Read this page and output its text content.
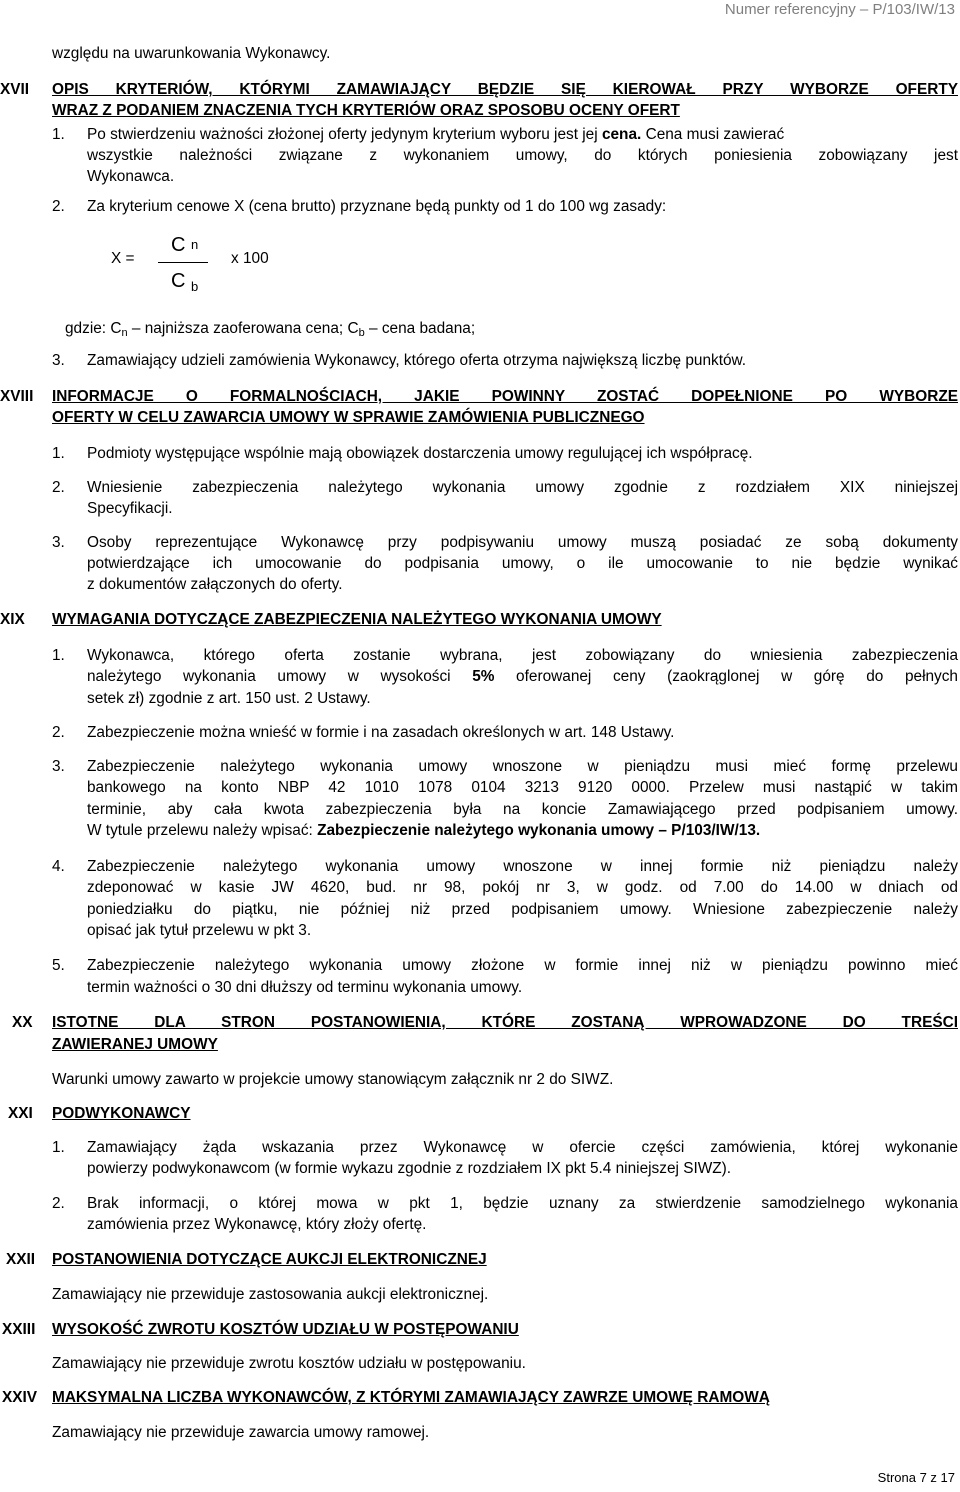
Numer referencyjny – P/103/IW/13
względu na uwarunkowania Wykonawcy.
XVII	OPIS KRYTERIÓW, KTÓRYMI ZAMAWIAJĄCY BĘDZIE SIĘ KIEROWAŁ PRZY WYBORZE OFERTY
WRAZ Z PODANIEM ZNACZENIA TYCH KRYTERIÓW ORAZ SPOSOBU OCENY OFERT
1. Po stwierdzeniu ważności złożonej oferty jedynym kryterium wyboru jest jej cena. Cena musi zawierać
wszystkie należności związane z wykonaniem umowy, do których poniesienia zobowiązany jest
Wykonawca.
2. Za kryterium cenowe X (cena brutto) przyznane będą punkty od 1 do 100 wg zasady:
X =
C $_n$
x 100
C $_b$
gdzie: $C_n$ – najniższa zaoferowana cena; $C_b$ – cena badana;
3. Zamawiający udzieli zamówienia Wykonawcy, którego oferta otrzyma największą liczbę punktów.
XVIII	INFORMACJE O FORMALNOŚCIACH, JAKIE POWINNY ZOSTAĆ DOPEŁNIONE PO WYBORZE
OFERTY W CELU ZAWARCIA UMOWY W SPRAWIE ZAMÓWIENIA PUBLICZNEGO
1. Podmioty występujące wspólnie mają obowiązek dostarczenia umowy regulującej ich współpracę.
2. Wniesienie zabezpieczenia należytego wykonania umowy zgodnie z rozdziałem XIX niniejszej
Specyfikacji.
3. Osoby reprezentujące Wykonawcę przy podpisywaniu umowy muszą posiadać ze sobą dokumenty
potwierdzające ich umocowanie do podpisania umowy, o ile umocowanie to nie będzie wynikać
z dokumentów załączonych do oferty.
XIX	WYMAGANIA DOTYCZĄCE ZABEZPIECZENIA NALEŻYTEGO WYKONANIA UMOWY
1. Wykonawca, którego oferta zostanie wybrana, jest zobowiązany do wniesienia zabezpieczenia
należytego wykonania umowy w wysokości 5% oferowanej ceny (zaokrąglonej w górę do pełnych
setek zł) zgodnie z art. 150 ust. 2 Ustawy.
2. Zabezpieczenie można wnieść w formie i na zasadach określonych w art. 148 Ustawy.
3. Zabezpieczenie należytego wykonania umowy wnoszone w pieniądzu musi mieć formę przelewu
bankowego na konto NBP 42 1010 1078 0104 3213 9120 0000. Przelew musi nastąpić w takim
terminie, aby cała kwota zabezpieczenia była na koncie Zamawiającego przed podpisaniem umowy.
W tytule przelewu należy wpisać: Zabezpieczenie należytego wykonania umowy – P/103/IW/13.
4. Zabezpieczenie należytego wykonania umowy wnoszone w innej formie niż pieniądzu należy
zdeponować w kasie JW 4620, bud. nr 98, pokój nr 3, w godz. od 7.00 do 14.00 w dniach od
poniedziałku do piątku, nie później niż przed podpisaniem umowy. Wniesione zabezpieczenie należy
opisać jak tytuł przelewu w pkt 3.
5. Zabezpieczenie należytego wykonania umowy złożone w formie innej niż w pieniądzu powinno mieć
termin ważności o 30 dni dłuższy od terminu wykonania umowy.
XX	ISTOTNE DLA STRON POSTANOWIENIA, KTÓRE ZOSTANĄ WPROWADZONE DO TREŚCI
ZAWIERANEJ UMOWY
Warunki umowy zawarto w projekcie umowy stanowiącym załącznik nr 2 do SIWZ.
XXI	PODWYKONAWCY
1. Zamawiający żąda wskazania przez Wykonawcę w ofercie części zamówienia, której wykonanie
powierzy podwykonawcom (w formie wykazu zgodnie z rozdziałem IX pkt 5.4 niniejszej SIWZ).
2. Brak informacji, o której mowa w pkt 1, będzie uznany za stwierdzenie samodzielnego wykonania
zamówienia przez Wykonawcę, który złoży ofertę.
XXII	POSTANOWIENIA DOTYCZĄCE AUKCJI ELEKTRONICZNEJ
Zamawiający nie przewiduje zastosowania aukcji elektronicznej.
XXIII	WYSOKOŚĆ ZWROTU KOSZTÓW UDZIAŁU W POSTĘPOWANIU
Zamawiający nie przewiduje zwrotu kosztów udziału w postępowaniu.
XXIV MAKSYMALNA LICZBA WYKONAWCÓW, Z KTÓRYMI ZAMAWIAJĄCY ZAWRZE UMOWĘ RAMOWĄ
Zamawiający nie przewiduje zawarcia umowy ramowej.
Strona 7 z 17
